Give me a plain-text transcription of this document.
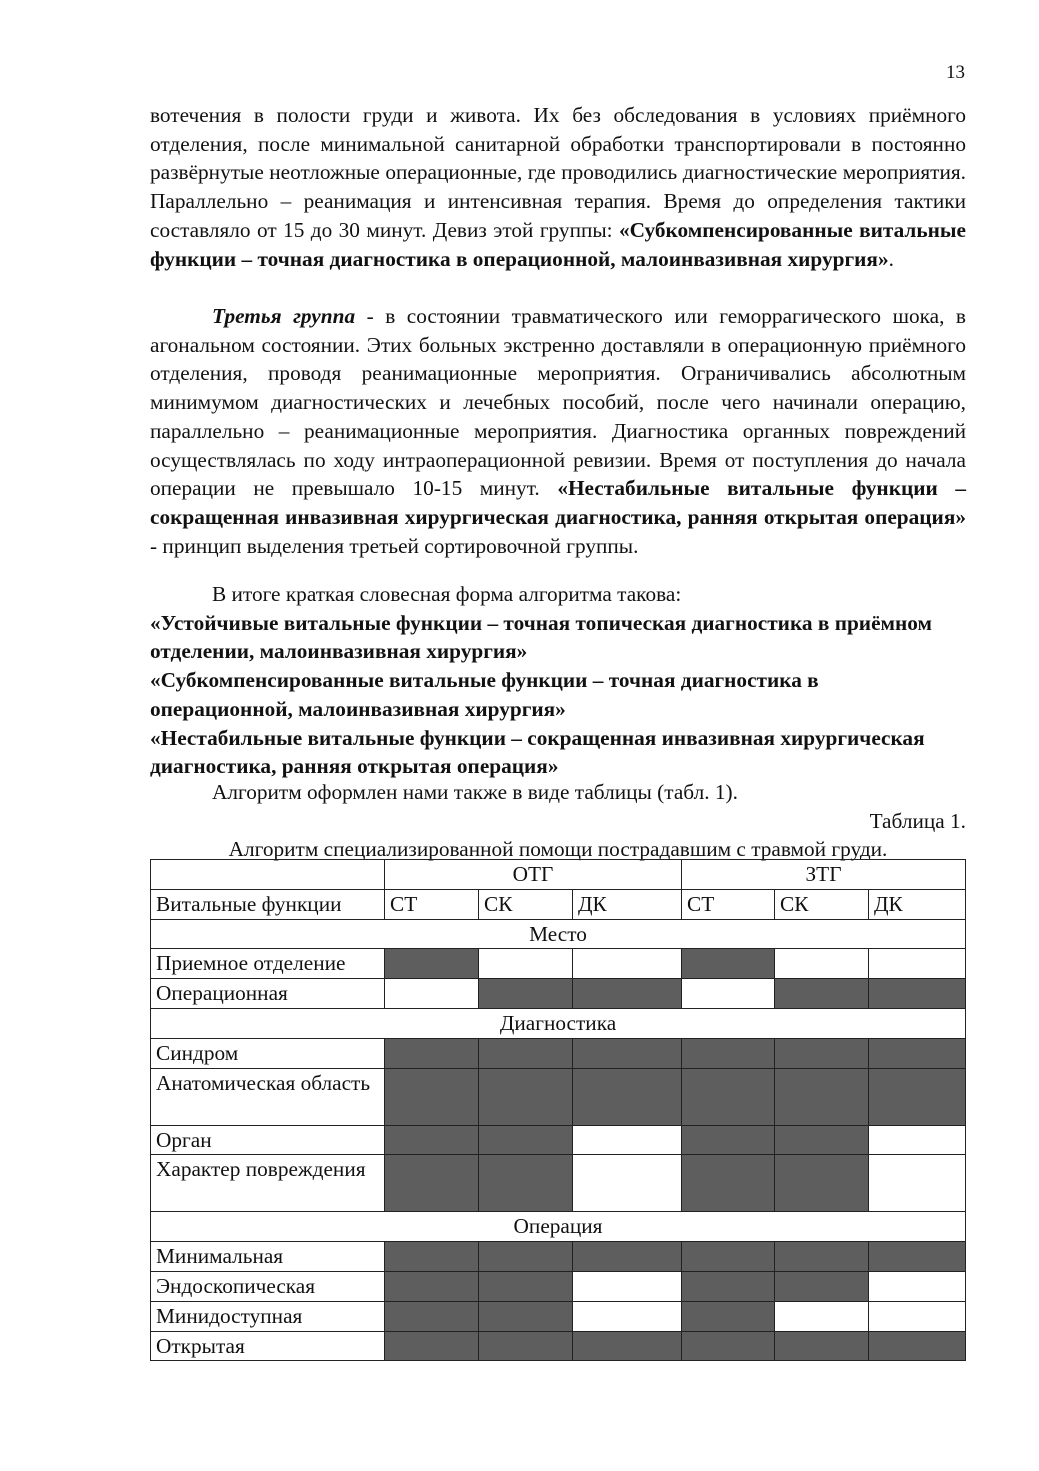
13

вотечения в полости груди и живота. Их без обследования в условиях приёмного отделения, после минимальной санитарной обработки транспортировали в постоянно развёрнутые неотложные операционные, где проводились диагностические мероприятия. Параллельно – реанимация и интенсивная терапия. Время до определения тактики составляло от 15 до 30 минут. Девиз этой группы: «Субкомпенсированные витальные функции – точная диагностика в операционной, малоинвазивная хирургия».

Третья группа - в состоянии травматического или геморрагического шока, в агональном состоянии. Этих больных экстренно доставляли в операционную приёмного отделения, проводя реанимационные мероприятия. Ограничивались абсолютным минимумом диагностических и лечебных пособий, после чего начинали операцию, параллельно – реанимационные мероприятия. Диагностика органных повреждений осуществлялась по ходу интраоперационной ревизии. Время от поступления до начала операции не превышало 10-15 минут. «Нестабильные витальные функции – сокращенная инвазивная хирургическая диагностика, ранняя открытая операция» - принцип выделения третьей сортировочной группы.

В итоге краткая словесная форма алгоритма такова:

«Устойчивые витальные функции – точная топическая диагностика в приёмном отделении, малоинвазивная хирургия»

«Субкомпенсированные витальные функции – точная диагностика в операционной, малоинвазивная хирургия»

«Нестабильные витальные функции – сокращенная инвазивная хирургическая диагностика, ранняя открытая операция»

Алгоритм оформлен нами также в виде таблицы (табл. 1).

Таблица 1.

Алгоритм специализированной помощи пострадавшим с травмой груди.

	ОТГ			ЗТГ		
Витальные функции	СТ	СК	ДК	СТ	СК	ДК
Место						
Приемное отделение						
Операционная						
Диагностика						
Синдром						
Анатомическая область						
Орган						
Характер повреждения						
Операция						
Минимальная						
Эндоскопическая						
Минидоступная						
Открытая						
